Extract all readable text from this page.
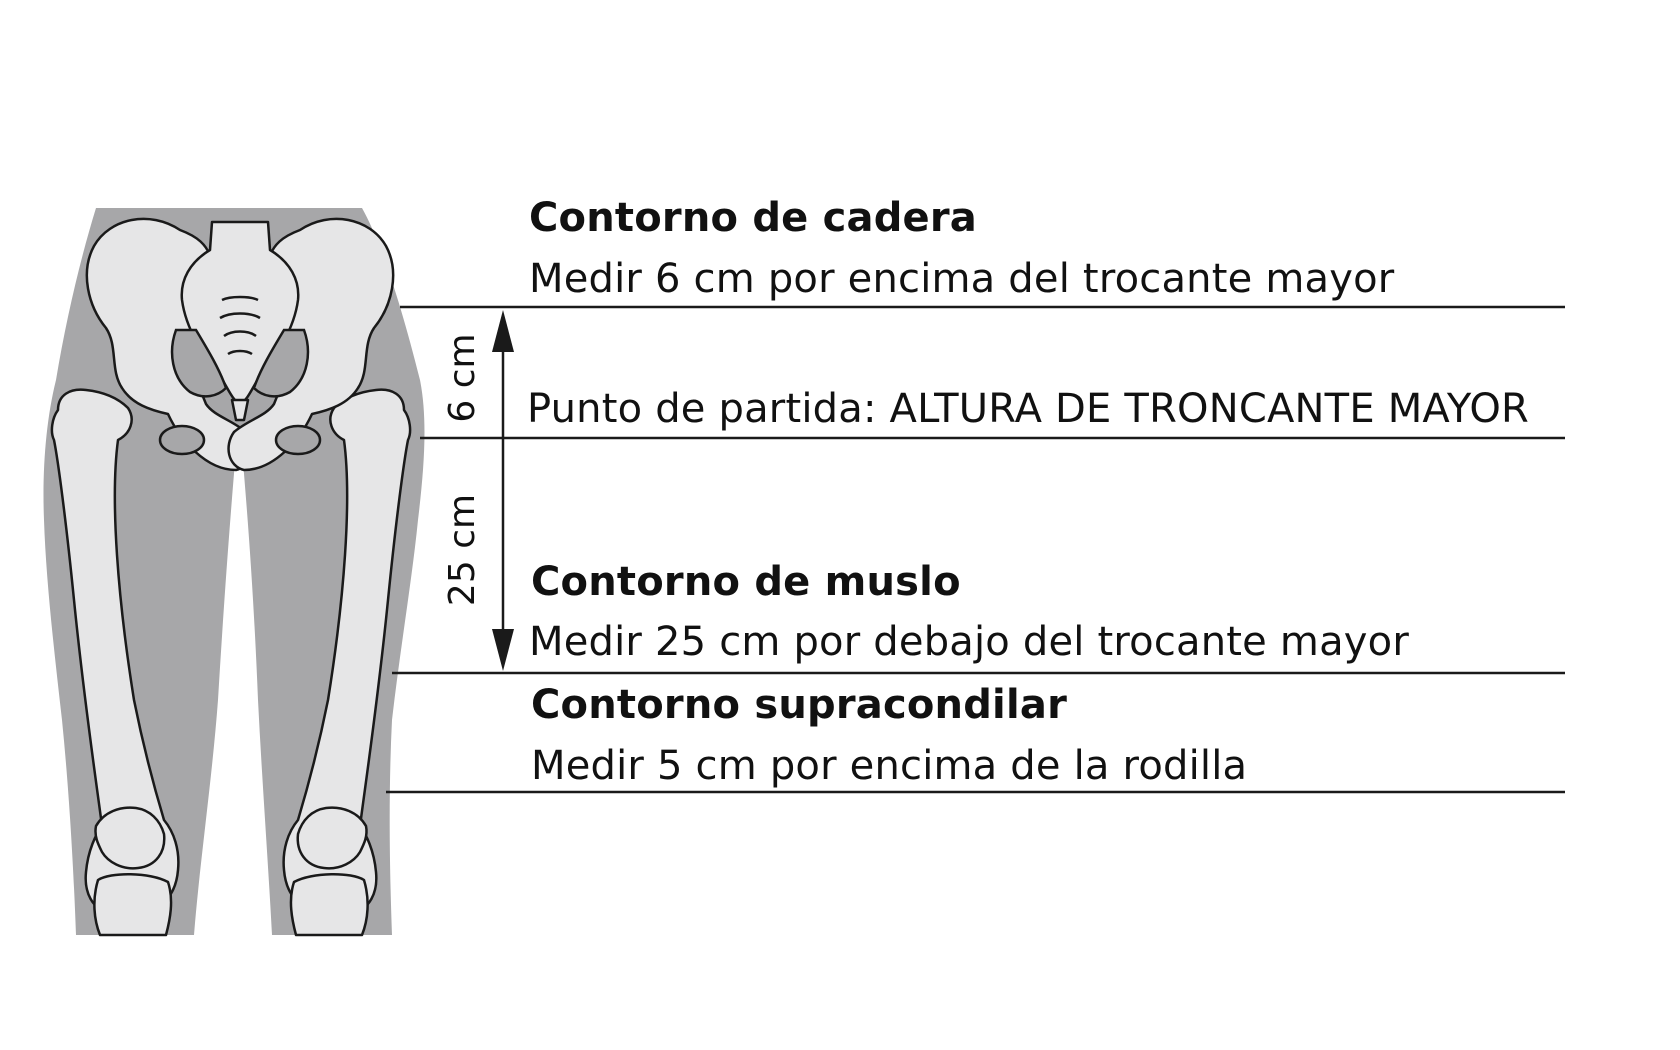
6 cm
25 cm
Contorno de cadera
Medir 6 cm por encima del trocante mayor
Punto de partida: ALTURA DE TRONCANTE MAYOR
Contorno de muslo
Medir 25 cm por debajo del trocante mayor
Contorno supracondilar
Medir 5 cm por encima de la rodilla
